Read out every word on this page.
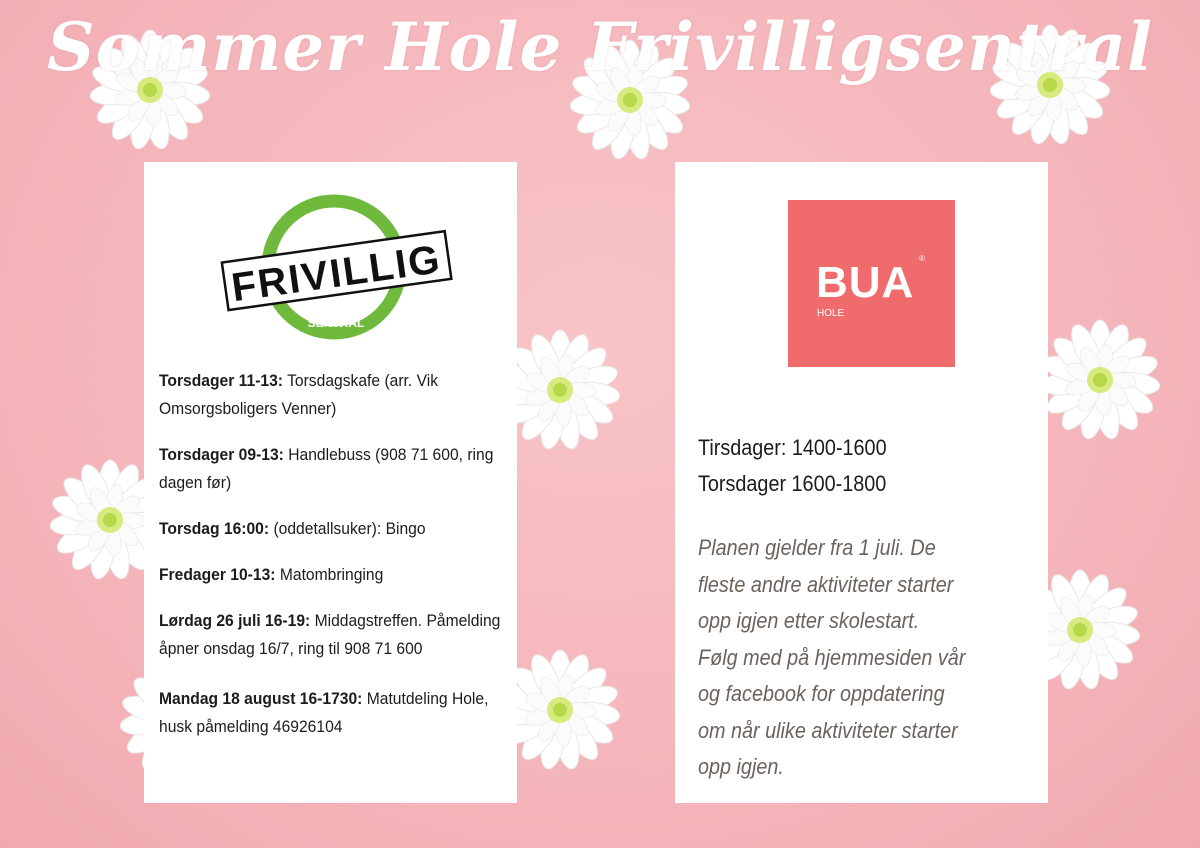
Sommer Hole Frivilligsentral
HOLE
FRIVILLIG
SENTRAL
Torsdager 11-13: Torsdagskafe (arr. Vik Omsorgsboligers Venner)
Torsdager 09-13: Handlebuss (908 71 600, ring dagen før)
Torsdag 16:00: (oddetallsuker): Bingo
Fredager 10-13: Matombringing
Lørdag 26 juli 16-19: Middagstreffen. Påmelding åpner onsdag 16/7, ring til 908 71 600
Mandag 18 august 16-1730: Matutdeling Hole, husk påmelding 46926104
BUA ®
HOLE
Tirsdager: 1400-1600
Torsdager 1600-1800
Planen gjelder fra 1 juli. De
fleste andre aktiviteter starter
opp igjen etter skolestart.
Følg med på hjemmesiden vår
og facebook for oppdatering
om når ulike aktiviteter starter
opp igjen.
